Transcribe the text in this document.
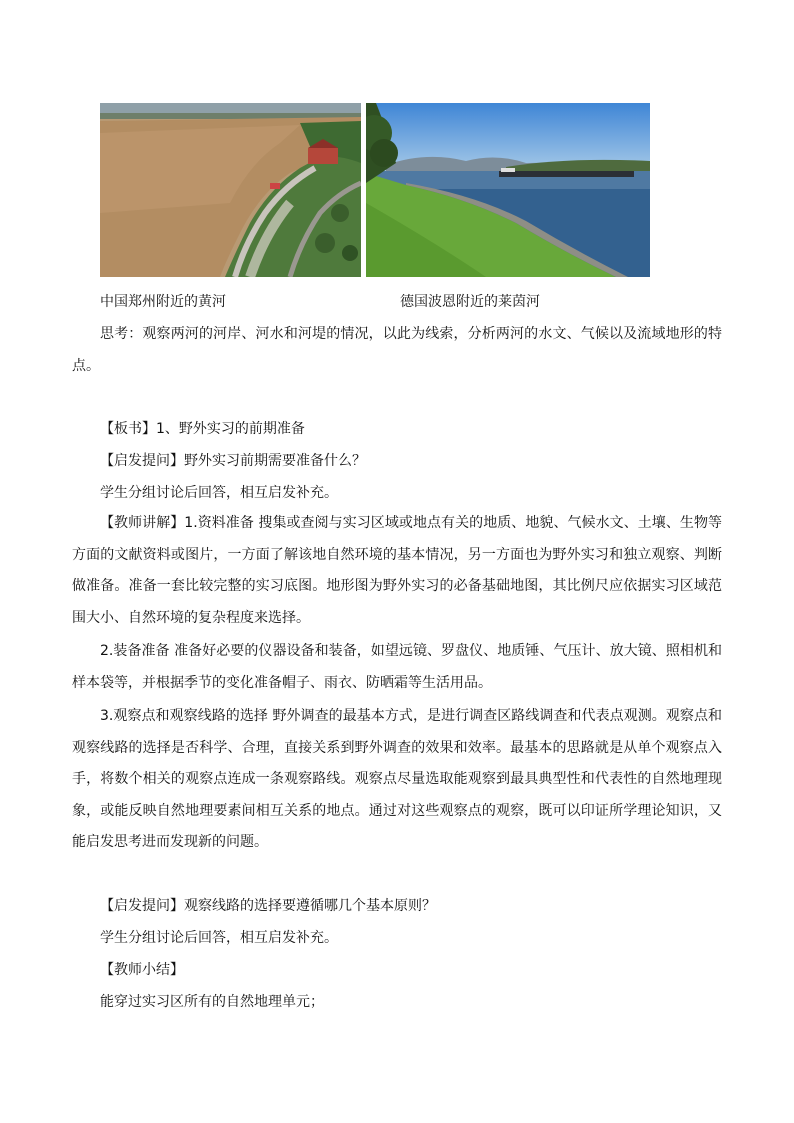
中国郑州附近的黄河	德国波恩附近的莱茵河

思考：观察两河的河岸、河水和河堤的情况，以此为线索，分析两河的水文、气候以及流域地形的特点。

【板书】1、野外实习的前期准备
【启发提问】野外实习前期需要准备什么？
学生分组讨论后回答，相互启发补充。

【教师讲解】1.资料准备 搜集或查阅与实习区域或地点有关的地质、地貌、气候水文、土壤、生物等方面的文献资料或图片，一方面了解该地自然环境的基本情况，另一方面也为野外实习和独立观察、判断做准备。准备一套比较完整的实习底图。地形图为野外实习的必备基础地图，其比例尺应依据实习区域范围大小、自然环境的复杂程度来选择。

2.装备准备 准备好必要的仪器设备和装备，如望远镜、罗盘仪、地质锤、气压计、放大镜、照相机和样本袋等，并根据季节的变化准备帽子、雨衣、防晒霜等生活用品。

3.观察点和观察线路的选择 野外调查的最基本方式，是进行调查区路线调查和代表点观测。观察点和观察线路的选择是否科学、合理，直接关系到野外调查的效果和效率。最基本的思路就是从单个观察点入手，将数个相关的观察点连成一条观察路线。观察点尽量选取能观察到最具典型性和代表性的自然地理现象，或能反映自然地理要素间相互关系的地点。通过对这些观察点的观察，既可以印证所学理论知识，又能启发思考进而发现新的问题。

【启发提问】观察线路的选择要遵循哪几个基本原则？
学生分组讨论后回答，相互启发补充。
【教师小结】
能穿过实习区所有的自然地理单元；
